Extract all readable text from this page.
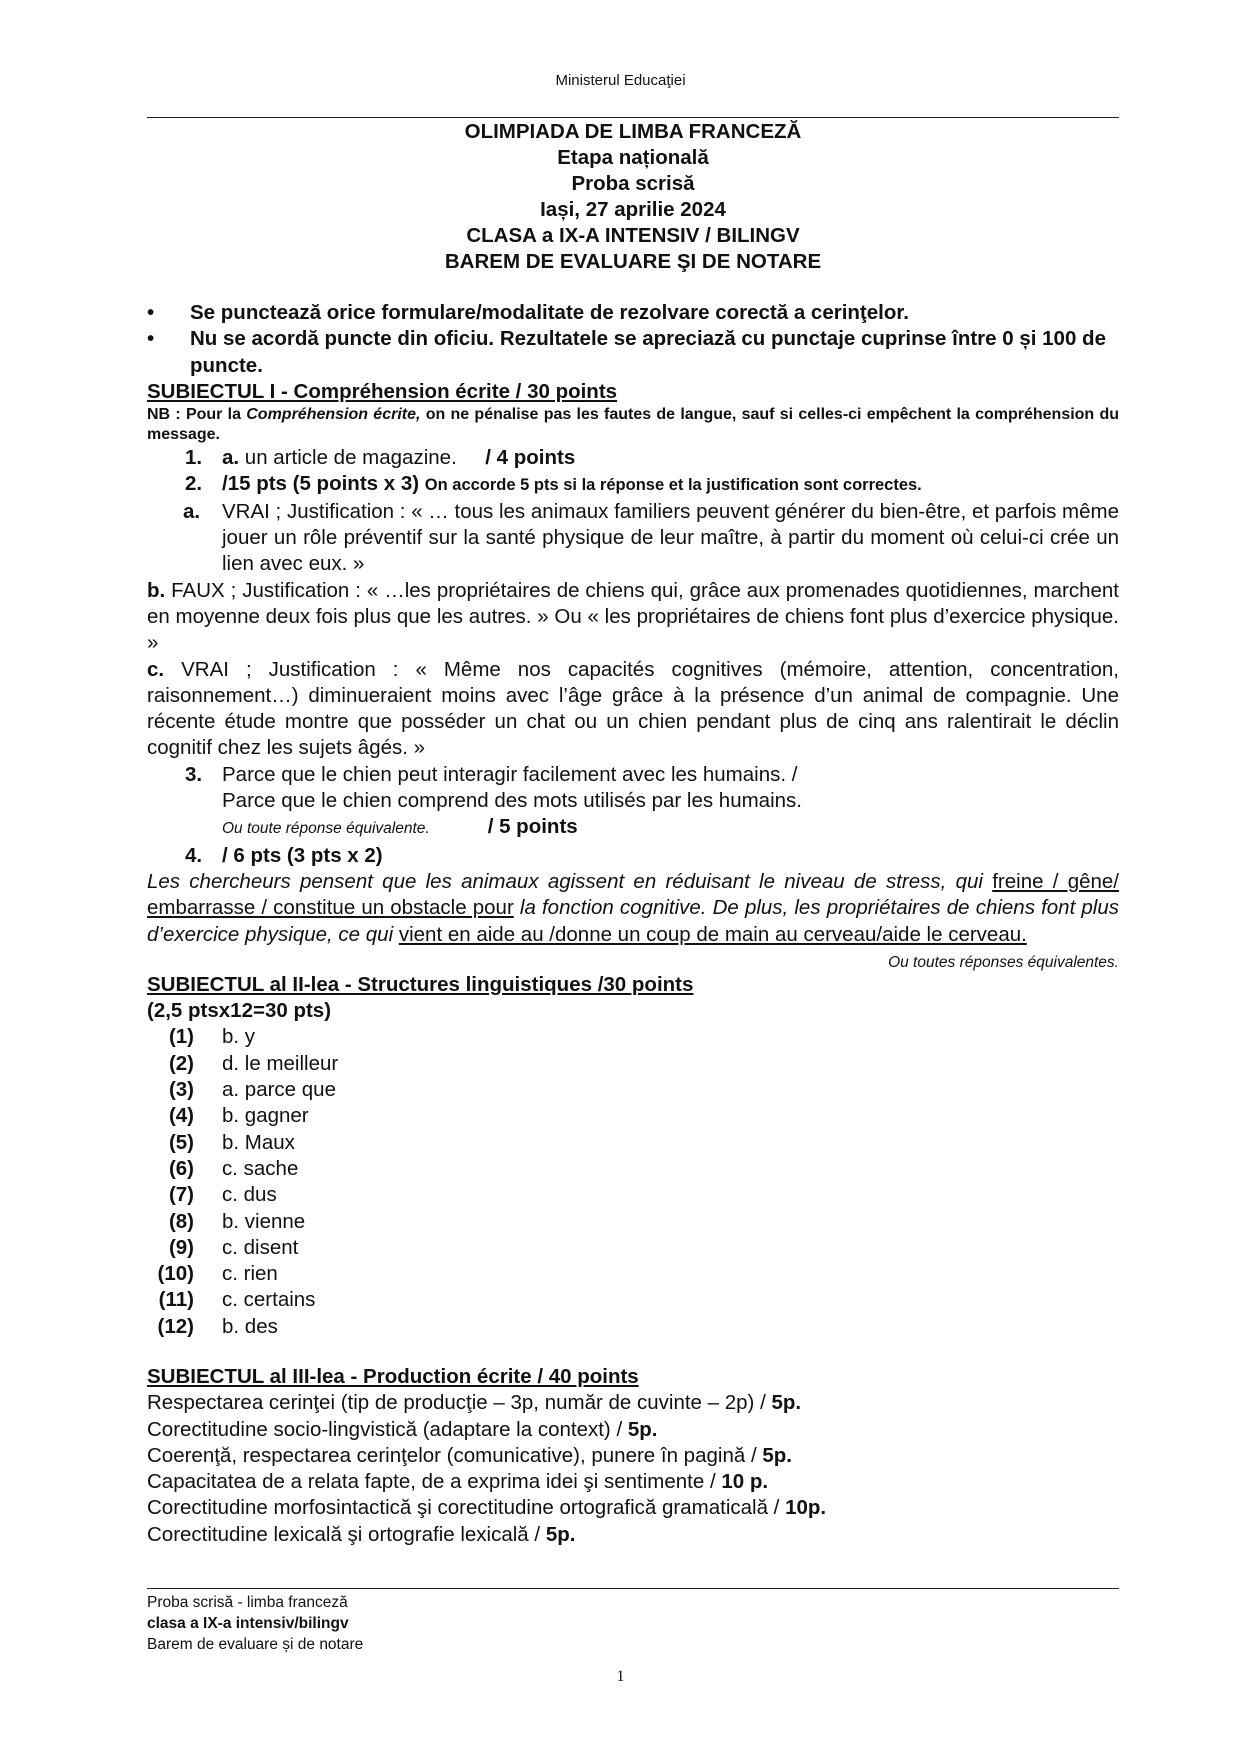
Ministerul Educaţiei
OLIMPIADA DE LIMBA FRANCEZĂ
Etapa națională
Proba scrisă
Iași, 27 aprilie 2024
CLASA a IX-A INTENSIV / BILINGV
BAREM DE EVALUARE ŞI DE NOTARE
• Se punctează orice formulare/modalitate de rezolvare corectă a cerinţelor.
• Nu se acordă puncte din oficiu. Rezultatele se apreciază cu punctaje cuprinse între 0 și 100 de puncte.
SUBIECTUL I - Compréhension écrite / 30 points
NB : Pour la Compréhension écrite, on ne pénalise pas les fautes de langue, sauf si celles-ci empêchent la compréhension du message.
1. a. un article de magazine. / 4 points
2. /15 pts (5 points x 3) On accorde 5 pts si la réponse et la justification sont correctes.
a. VRAI ; Justification : « … tous les animaux familiers peuvent générer du bien-être, et parfois même jouer un rôle préventif sur la santé physique de leur maître, à partir du moment où celui-ci crée un lien avec eux. »
b. FAUX ; Justification : « …les propriétaires de chiens qui, grâce aux promenades quotidiennes, marchent en moyenne deux fois plus que les autres. » Ou « les propriétaires de chiens font plus d’exercice physique. »
c. VRAI ; Justification : « Même nos capacités cognitives (mémoire, attention, concentration, raisonnement…) diminueraient moins avec l’âge grâce à la présence d’un animal de compagnie. Une récente étude montre que posséder un chat ou un chien pendant plus de cinq ans ralentirait le déclin cognitif chez les sujets âgés. »
3. Parce que le chien peut interagir facilement avec les humains. /
Parce que le chien comprend des mots utilisés par les humains.
Ou toute réponse équivalente.	/ 5 points
4. / 6 pts (3 pts x 2)
Les chercheurs pensent que les animaux agissent en réduisant le niveau de stress, qui freine / gêne/ embarrasse / constitue un obstacle pour la fonction cognitive. De plus, les propriétaires de chiens font plus d’exercice physique, ce qui vient en aide au /donne un coup de main au cerveau/aide le cerveau.
Ou toutes réponses équivalentes.
SUBIECTUL al II-lea - Structures linguistiques /30 points
(2,5 ptsx12=30 pts)
(1) b. y
(2) d. le meilleur
(3) a. parce que
(4) b. gagner
(5) b. Maux
(6) c. sache
(7) c. dus
(8) b. vienne
(9) c. disent
(10) c. rien
(11) c. certains
(12) b. des
SUBIECTUL al III-lea - Production écrite / 40 points
Respectarea cerinţei (tip de producţie – 3p, număr de cuvinte – 2p) / 5p.
Corectitudine socio-lingvistică (adaptare la context) / 5p.
Coerenţă, respectarea cerinţelor (comunicative), punere în pagină / 5p.
Capacitatea de a relata fapte, de a exprima idei şi sentimente / 10 p.
Corectitudine morfosintactică şi corectitudine ortografică gramaticală / 10p.
Corectitudine lexicală şi ortografie lexicală / 5p.
Proba scrisă - limba franceză
clasa a IX-a intensiv/bilingv
Barem de evaluare și de notare
1
